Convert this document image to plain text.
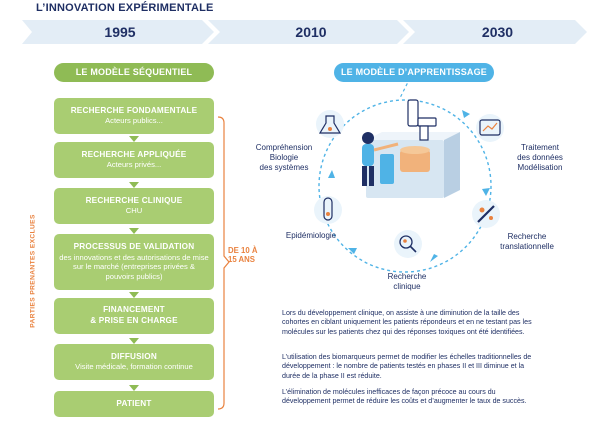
L’INNOVATION EXPÉRIMENTALE
1995	2010	2030
LE MODÈLE SÉQUENTIEL
RECHERCHE FONDAMENTALE
Acteurs publics...
RECHERCHE APPLIQUÉE
Acteurs privés...
RECHERCHE CLINIQUE
CHU
PROCESSUS DE VALIDATION
des innovations et des autorisations de mise sur le marché (entreprises privées & pouvoirs publics)
FINANCEMENT
& PRISE EN CHARGE
DIFFUSION
Visite médicale, formation continue
PATIENT
PARTIES PRENANTES EXCLUES	DE 10 À
15 ANS
LE MODÈLE D’APPRENTISSAGE
Compréhension
Biologie
des systèmes
Traitement
des données
Modélisation
Recherche
translationnelle
Recherche
clinique
Epidémiologie
Lors du développement clinique, on assiste à une diminution de la taille des cohortes en ciblant uniquement les patients répondeurs et en ne testant pas les molécules sur les patients chez qui des réponses toxiques ont été identifiées.
L’utilisation des biomarqueurs permet de modifier les échelles traditionnelles de développement : le nombre de patients testés en phases II et III diminue et la durée de la phase II est réduite.
L’élimination de molécules inefficaces de façon précoce au cours du développement permet de réduire les coûts et d’augmenter le taux de succès.
